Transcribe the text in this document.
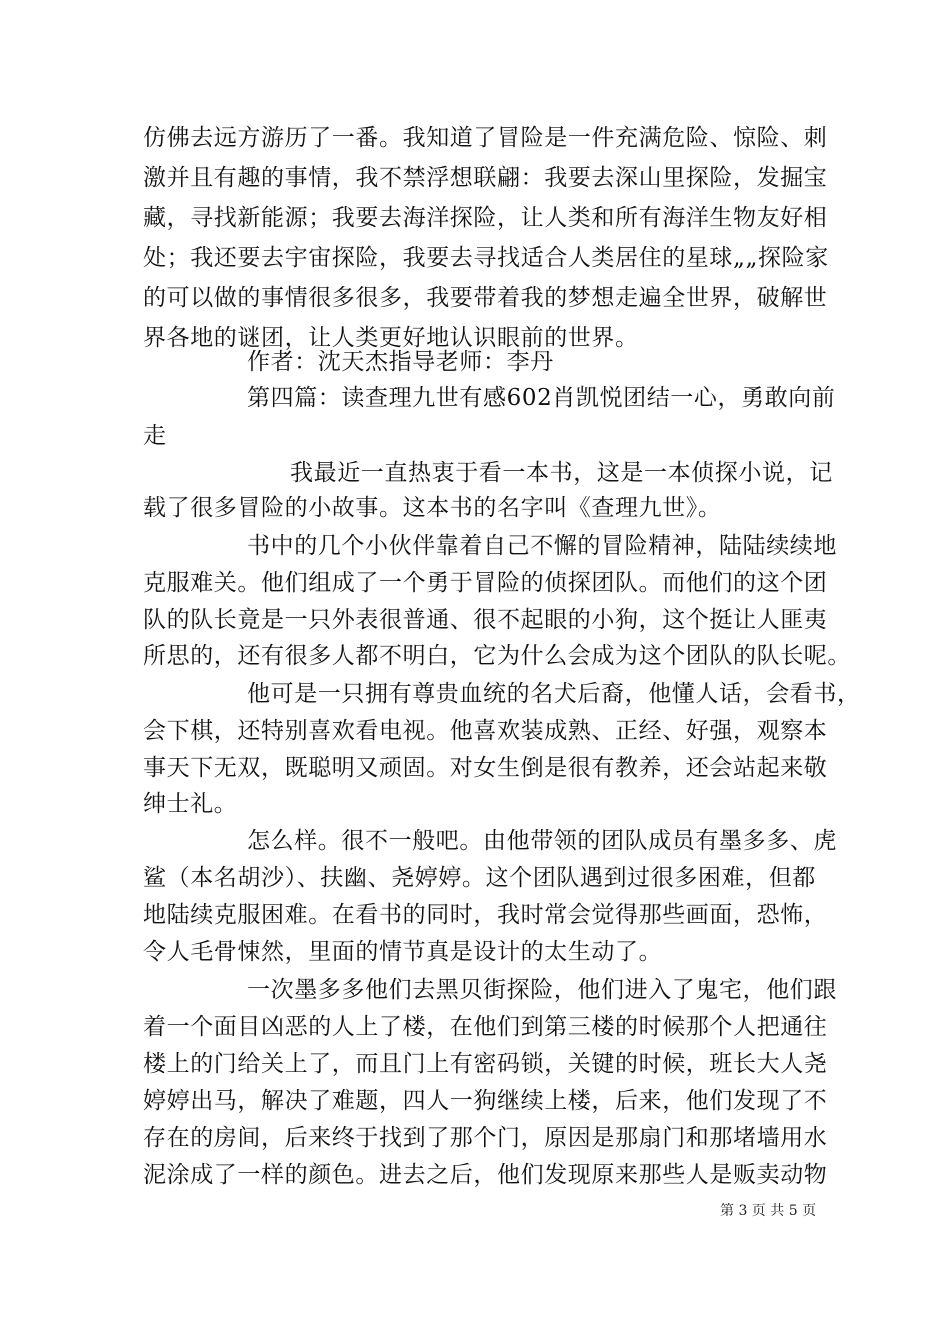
仿佛去远方游历了一番。我知道了冒险是一件充满危险、惊险、刺
激并且有趣的事情，我不禁浮想联翩：我要去深山里探险，发掘宝
藏，寻找新能源；我要去海洋探险，让人类和所有海洋生物友好相
处；我还要去宇宙探险，我要去寻找适合人类居住的星球„„探险家
的可以做的事情很多很多，我要带着我的梦想走遍全世界，破解世
界各地的谜团，让人类更好地认识眼前的世界。
作者：沈天杰指导老师：李丹
第四篇：读查理九世有感602肖凯悦团结一心，勇敢向前
走
我最近一直热衷于看一本书，这是一本侦探小说，记
载了很多冒险的小故事。这本书的名字叫《查理九世》。
书中的几个小伙伴靠着自己不懈的冒险精神，陆陆续续地
克服难关。他们组成了一个勇于冒险的侦探团队。而他们的这个团
队的队长竟是一只外表很普通、很不起眼的小狗，这个挺让人匪夷
所思的，还有很多人都不明白，它为什么会成为这个团队的队长呢。
他可是一只拥有尊贵血统的名犬后裔，他懂人话，会看书，
会下棋，还特别喜欢看电视。他喜欢装成熟、正经、好强，观察本
事天下无双，既聪明又顽固。对女生倒是很有教养，还会站起来敬
绅士礼。
怎么样。很不一般吧。由他带领的团队成员有墨多多、虎
鲨（本名胡沙）、扶幽、尧婷婷。这个团队遇到过很多困难，但都
地陆续克服困难。在看书的同时，我时常会觉得那些画面，恐怖，
令人毛骨悚然，里面的情节真是设计的太生动了。
一次墨多多他们去黑贝街探险，他们进入了鬼宅，他们跟
着一个面目凶恶的人上了楼，在他们到第三楼的时候那个人把通往
楼上的门给关上了，而且门上有密码锁，关键的时候，班长大人尧
婷婷出马，解决了难题，四人一狗继续上楼，后来，他们发现了不
存在的房间，后来终于找到了那个门，原因是那扇门和那堵墙用水
泥涂成了一样的颜色。进去之后，他们发现原来那些人是贩卖动物
第 3 页 共 5 页
